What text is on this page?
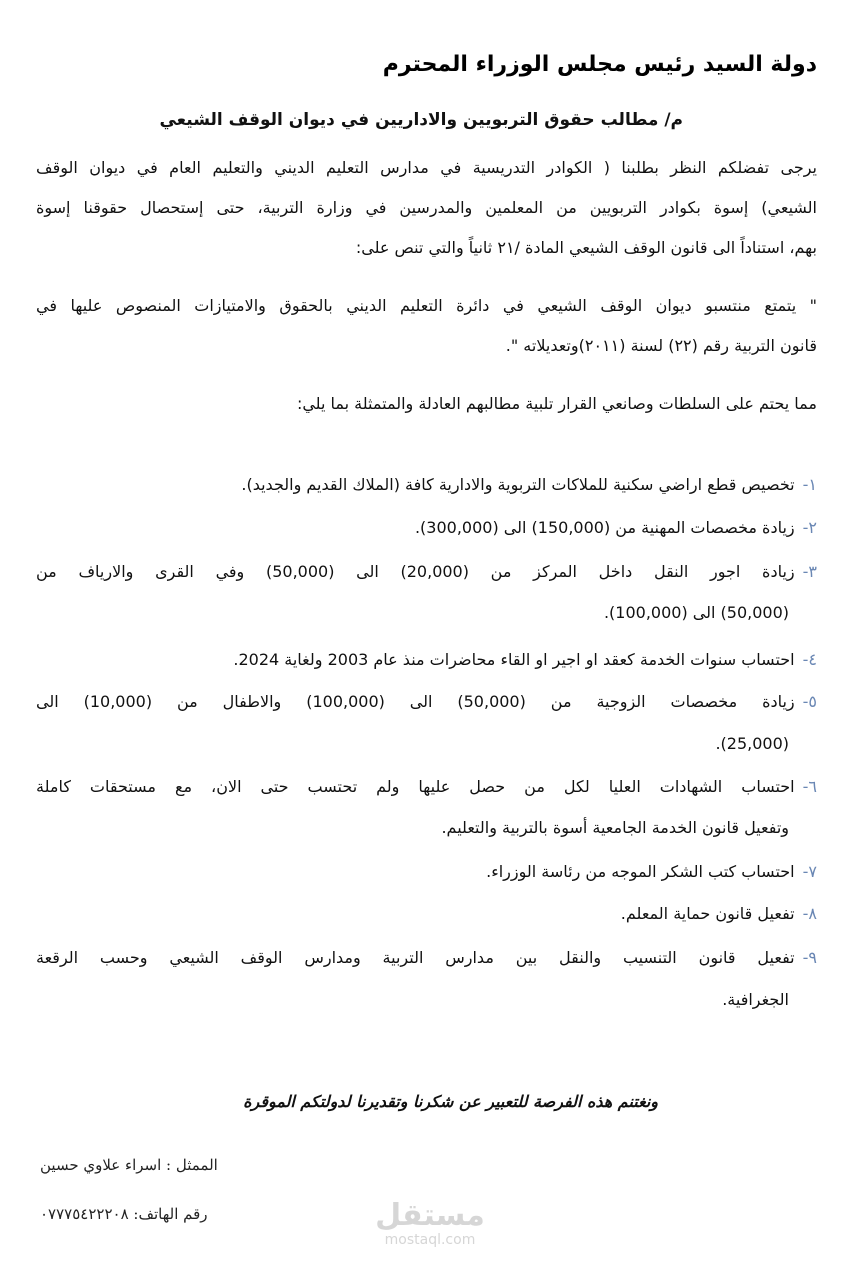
دولة السيد رئيس مجلس الوزراء المحترم
م/ مطالب حقوق التربويين والاداريين في ديوان الوقف الشيعي
يرجى تفضلكم النظر بطلبنا ( الكوادر التدريسية في مدارس التعليم الديني والتعليم العام في ديوان الوقف
الشيعي) إسوة بكوادر التربويين من المعلمين والمدرسين في وزارة التربية، حتى إستحصال حقوقنا إسوة
بهم، استناداً الى قانون الوقف الشيعي المادة /٢١ ثانياً والتي تنص على:
" يتمتع منتسبو ديوان الوقف الشيعي في دائرة التعليم الديني بالحقوق والامتيازات المنصوص عليها في
قانون التربية رقم (٢٢) لسنة (٢٠١١)وتعديلاته ".
مما يحتم على السلطات وصانعي القرار تلبية مطالبهم العادلة والمتمثلة بما يلي:
١-تخصيص قطع اراضي سكنية للملاكات التربوية والادارية كافة (الملاك القديم والجديد).
٢-زيادة مخصصات المهنية من (150,000) الى (300,000).
٣-زيادة اجور النقل داخل المركز من (20,000) الى (50,000) وفي القرى والارياف من
(50,000) الى (100,000).
٤-احتساب سنوات الخدمة كعقد او اجير او القاء محاضرات منذ عام 2003 ولغاية 2024.
٥-زيادة مخصصات الزوجية من (50,000) الى (100,000) والاطفال من (10,000) الى
(25,000).
٦-احتساب الشهادات العليا لكل من حصل عليها ولم تحتسب حتى الان، مع مستحقات كاملة
وتفعيل قانون الخدمة الجامعية أسوة بالتربية والتعليم.
٧-احتساب كتب الشكر الموجه من رئاسة الوزراء.
٨-تفعيل قانون حماية المعلم.
٩-تفعيل قانون التنسيب والنقل بين مدارس التربية ومدارس الوقف الشيعي وحسب الرقعة
الجغرافية.
ونغتنم هذه الفرصة للتعبير عن شكرنا وتقديرنا لدولتكم الموقرة
الممثل : اسراء علاوي حسين
رقم الهاتف: ٠٧٧٧٥٤٢٢٢٠٨	مستقل
mostaql.com
